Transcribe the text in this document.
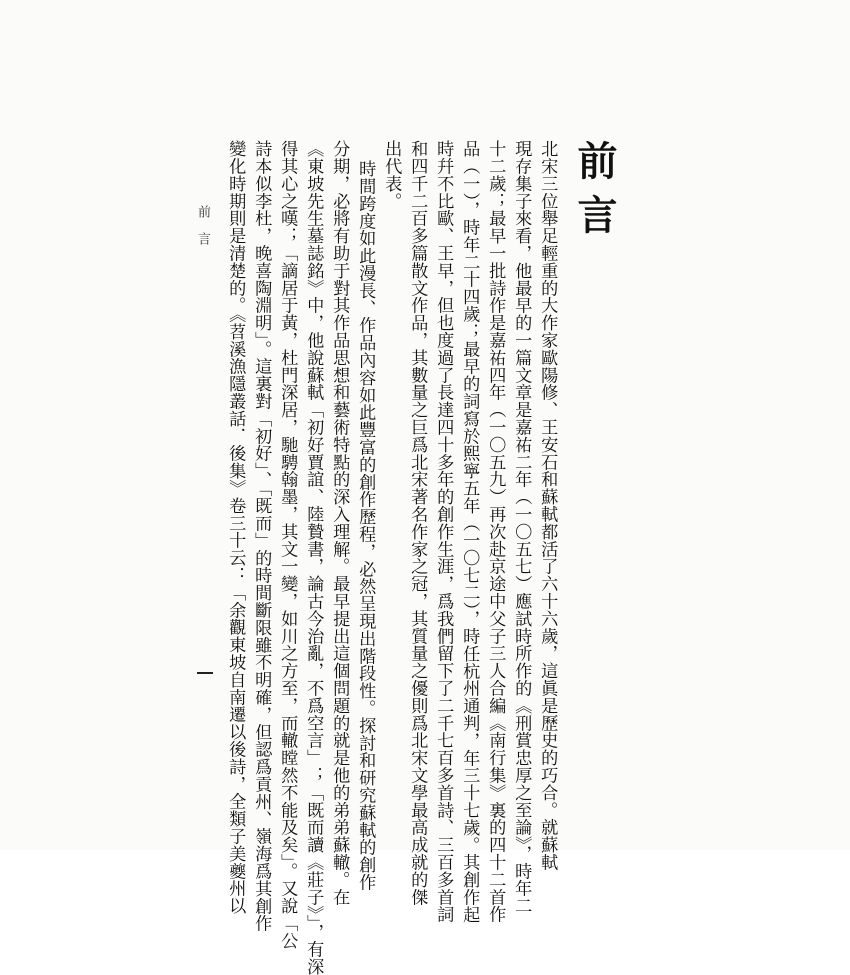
前言
北宋三位舉足輕重的大作家歐陽修、王安石和蘇軾都活了六十六歲，這眞是歷史的巧合。就蘇軾
現存集子來看，他最早的一篇文章是嘉祐二年（一〇五七）應試時所作的《刑賞忠厚之至論》，時年二
十二歲；最早一批詩作是嘉祐四年（一〇五九）再次赴京途中父子三人合編《南行集》裏的四十二首作
品（一），時年二十四歲；最早的詞寫於熙寧五年（一〇七二），時任杭州通判，年三十七歲。其創作起
時幷不比歐、王早，但也度過了長達四十多年的創作生涯，爲我們留下了二千七百多首詩、三百多首詞
和四千二百多篇散文作品，其數量之巨爲北宋著名作家之冠，其質量之優則爲北宋文學最高成就的傑
出代表。
時間跨度如此漫長、作品內容如此豐富的創作歷程，必然呈現出階段性。探討和研究蘇軾的創作
分期，必將有助于對其作品思想和藝術特點的深入理解。最早提出這個問題的就是他的弟弟蘇轍。在
《東坡先生墓誌銘》中，他說蘇軾「初好賈誼、陸贄書，論古今治亂，不爲空言」；「既而讀《莊子》」，有深
得其心之嘆；「謫居于黃，杜門深居，馳騁翰墨，其文一變，如川之方至，而轍瞠然不能及矣」。又說「公
詩本似李杜，晚喜陶淵明」。這裏對「初好」、「既而」的時間斷限雖不明確，但認爲貢州、嶺海爲其創作
變化時期則是清楚的。《苕溪漁隱叢話．後集》卷三十云：「余觀東坡自南遷以後詩，全類子美夔州以
前言
